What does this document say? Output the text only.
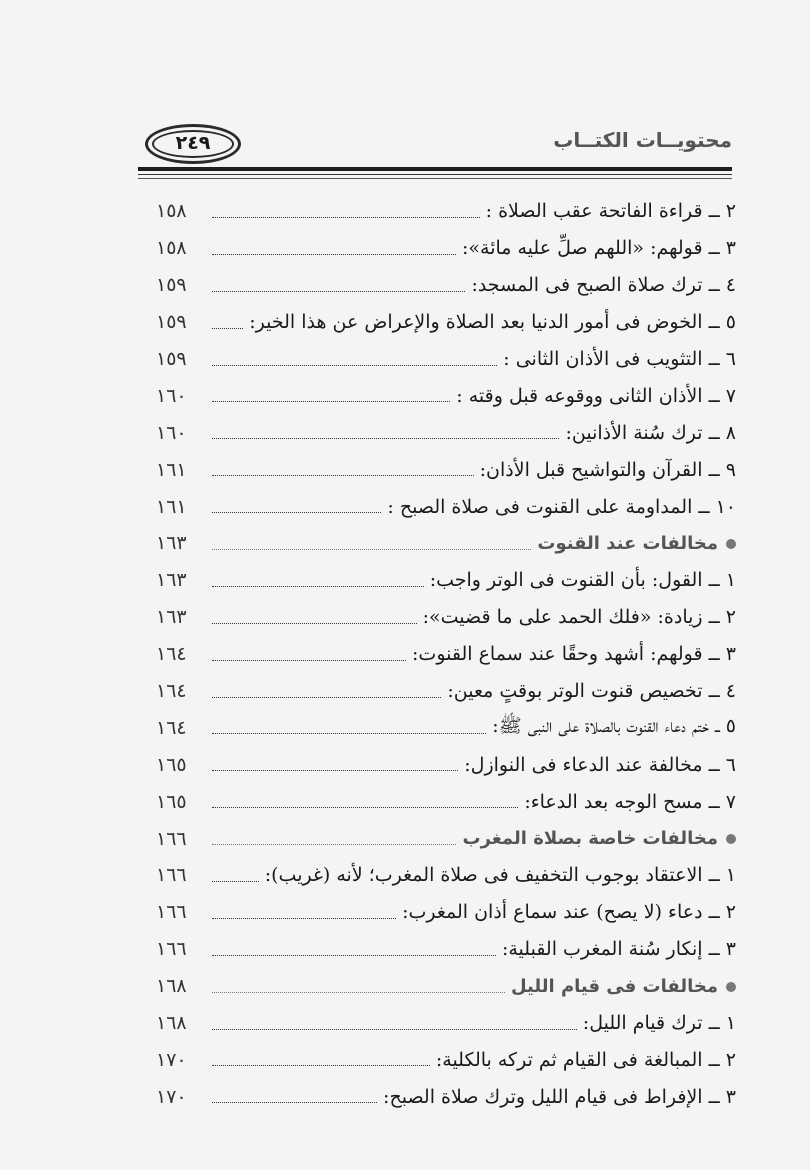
محتويــات الكتــاب
٢٤٩
٢ ــ قراءة الفاتحة عقب الصلاة :
١٥٨
٣ ــ قولهم: «اللهم صلِّ عليه مائة»:
١٥٨
٤ ــ ترك صلاة الصبح فى المسجد:
١٥٩
٥ ــ الخوض فى أمور الدنيا بعد الصلاة والإعراض عن هذا الخير:
١٥٩
٦ ــ التثويب فى الأذان الثانى :
١٥٩
٧ ــ الأذان الثانى ووقوعه قبل وقته :
١٦٠
٨ ــ ترك سُنة الأذانين:
١٦٠
٩ ــ القرآن والتواشيح قبل الأذان:
١٦١
١٠ ــ المداومة على القنوت فى صلاة الصبح :
١٦١
مخالفات عند القنوت
١٦٣
١ ــ القول: بأن القنوت فى الوتر واجب:
١٦٣
٢ ــ زيادة: «فلك الحمد على ما قضيت»:
١٦٣
٣ ــ قولهم: أشهد وحقًا عند سماع القنوت:
١٦٤
٤ ــ تخصيص قنوت الوتر بوقتٍ معين:
١٦٤
٥ ــ ختم دعاء القنوت بالصلاة على النبى ﷺ:
١٦٤
٦ ــ مخالفة عند الدعاء فى النوازل:
١٦٥
٧ ــ مسح الوجه بعد الدعاء:
١٦٥
مخالفات خاصة بصلاة المغرب
١٦٦
١ ــ الاعتقاد بوجوب التخفيف فى صلاة المغرب؛ لأنه (غريب):
١٦٦
٢ ــ دعاء (لا يصح) عند سماع أذان المغرب:
١٦٦
٣ ــ إنكار سُنة المغرب القبلية:
١٦٦
مخالفات فى قيام الليل
١٦٨
١ ــ ترك قيام الليل:
١٦٨
٢ ــ المبالغة فى القيام ثم تركه بالكلية:
١٧٠
٣ ــ الإفراط فى قيام الليل وترك صلاة الصبح:
١٧٠
